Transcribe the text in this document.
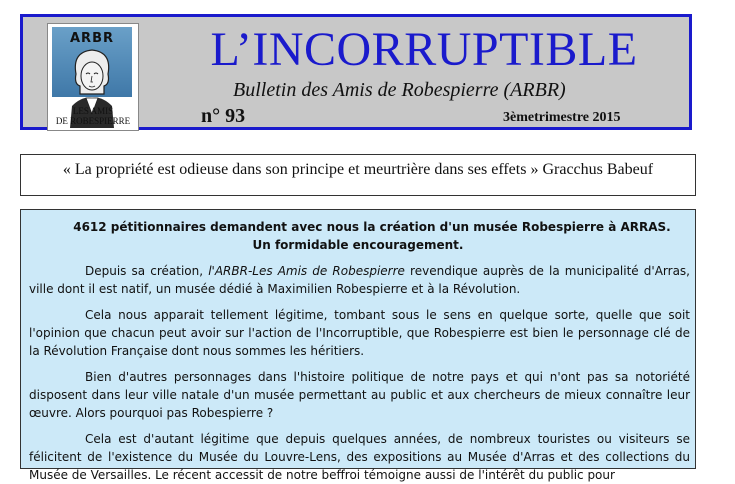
ARBR
LES AMIS
DE ROBESPIERRE
L’INCORRUPTIBLE
Bulletin des Amis de Robespierre (ARBR)
n° 93	3èmetrimestre 2015
« La propriété est odieuse dans son principe et meurtrière dans ses effets » Gracchus Babeuf
4612 pétitionnaires demandent avec nous la création d'un musée Robespierre à ARRAS.
Un formidable encouragement.

Depuis sa création, l'ARBR-Les Amis de Robespierre revendique auprès de la municipalité d'Arras, ville dont il est natif, un musée dédié à Maximilien Robespierre et à la Révolution.

Cela nous apparait tellement légitime, tombant sous le sens en quelque sorte, quelle que soit l'opinion que chacun peut avoir sur l'action de l'Incorruptible, que Robespierre est bien le personnage clé de la Révolution Française dont nous sommes les héritiers.

Bien d'autres personnages dans l'histoire politique de notre pays et qui n'ont pas sa notoriété disposent dans leur ville natale d'un musée permettant au public et aux chercheurs de mieux connaître leur œuvre. Alors pourquoi pas Robespierre ?

Cela est d'autant légitime que depuis quelques années, de nombreux touristes ou visiteurs se félicitent de l'existence du Musée du Louvre-Lens, des expositions au Musée d'Arras et des collections du Musée de Versailles. Le récent accessit de notre beffroi témoigne aussi de l'intérêt du public pour
